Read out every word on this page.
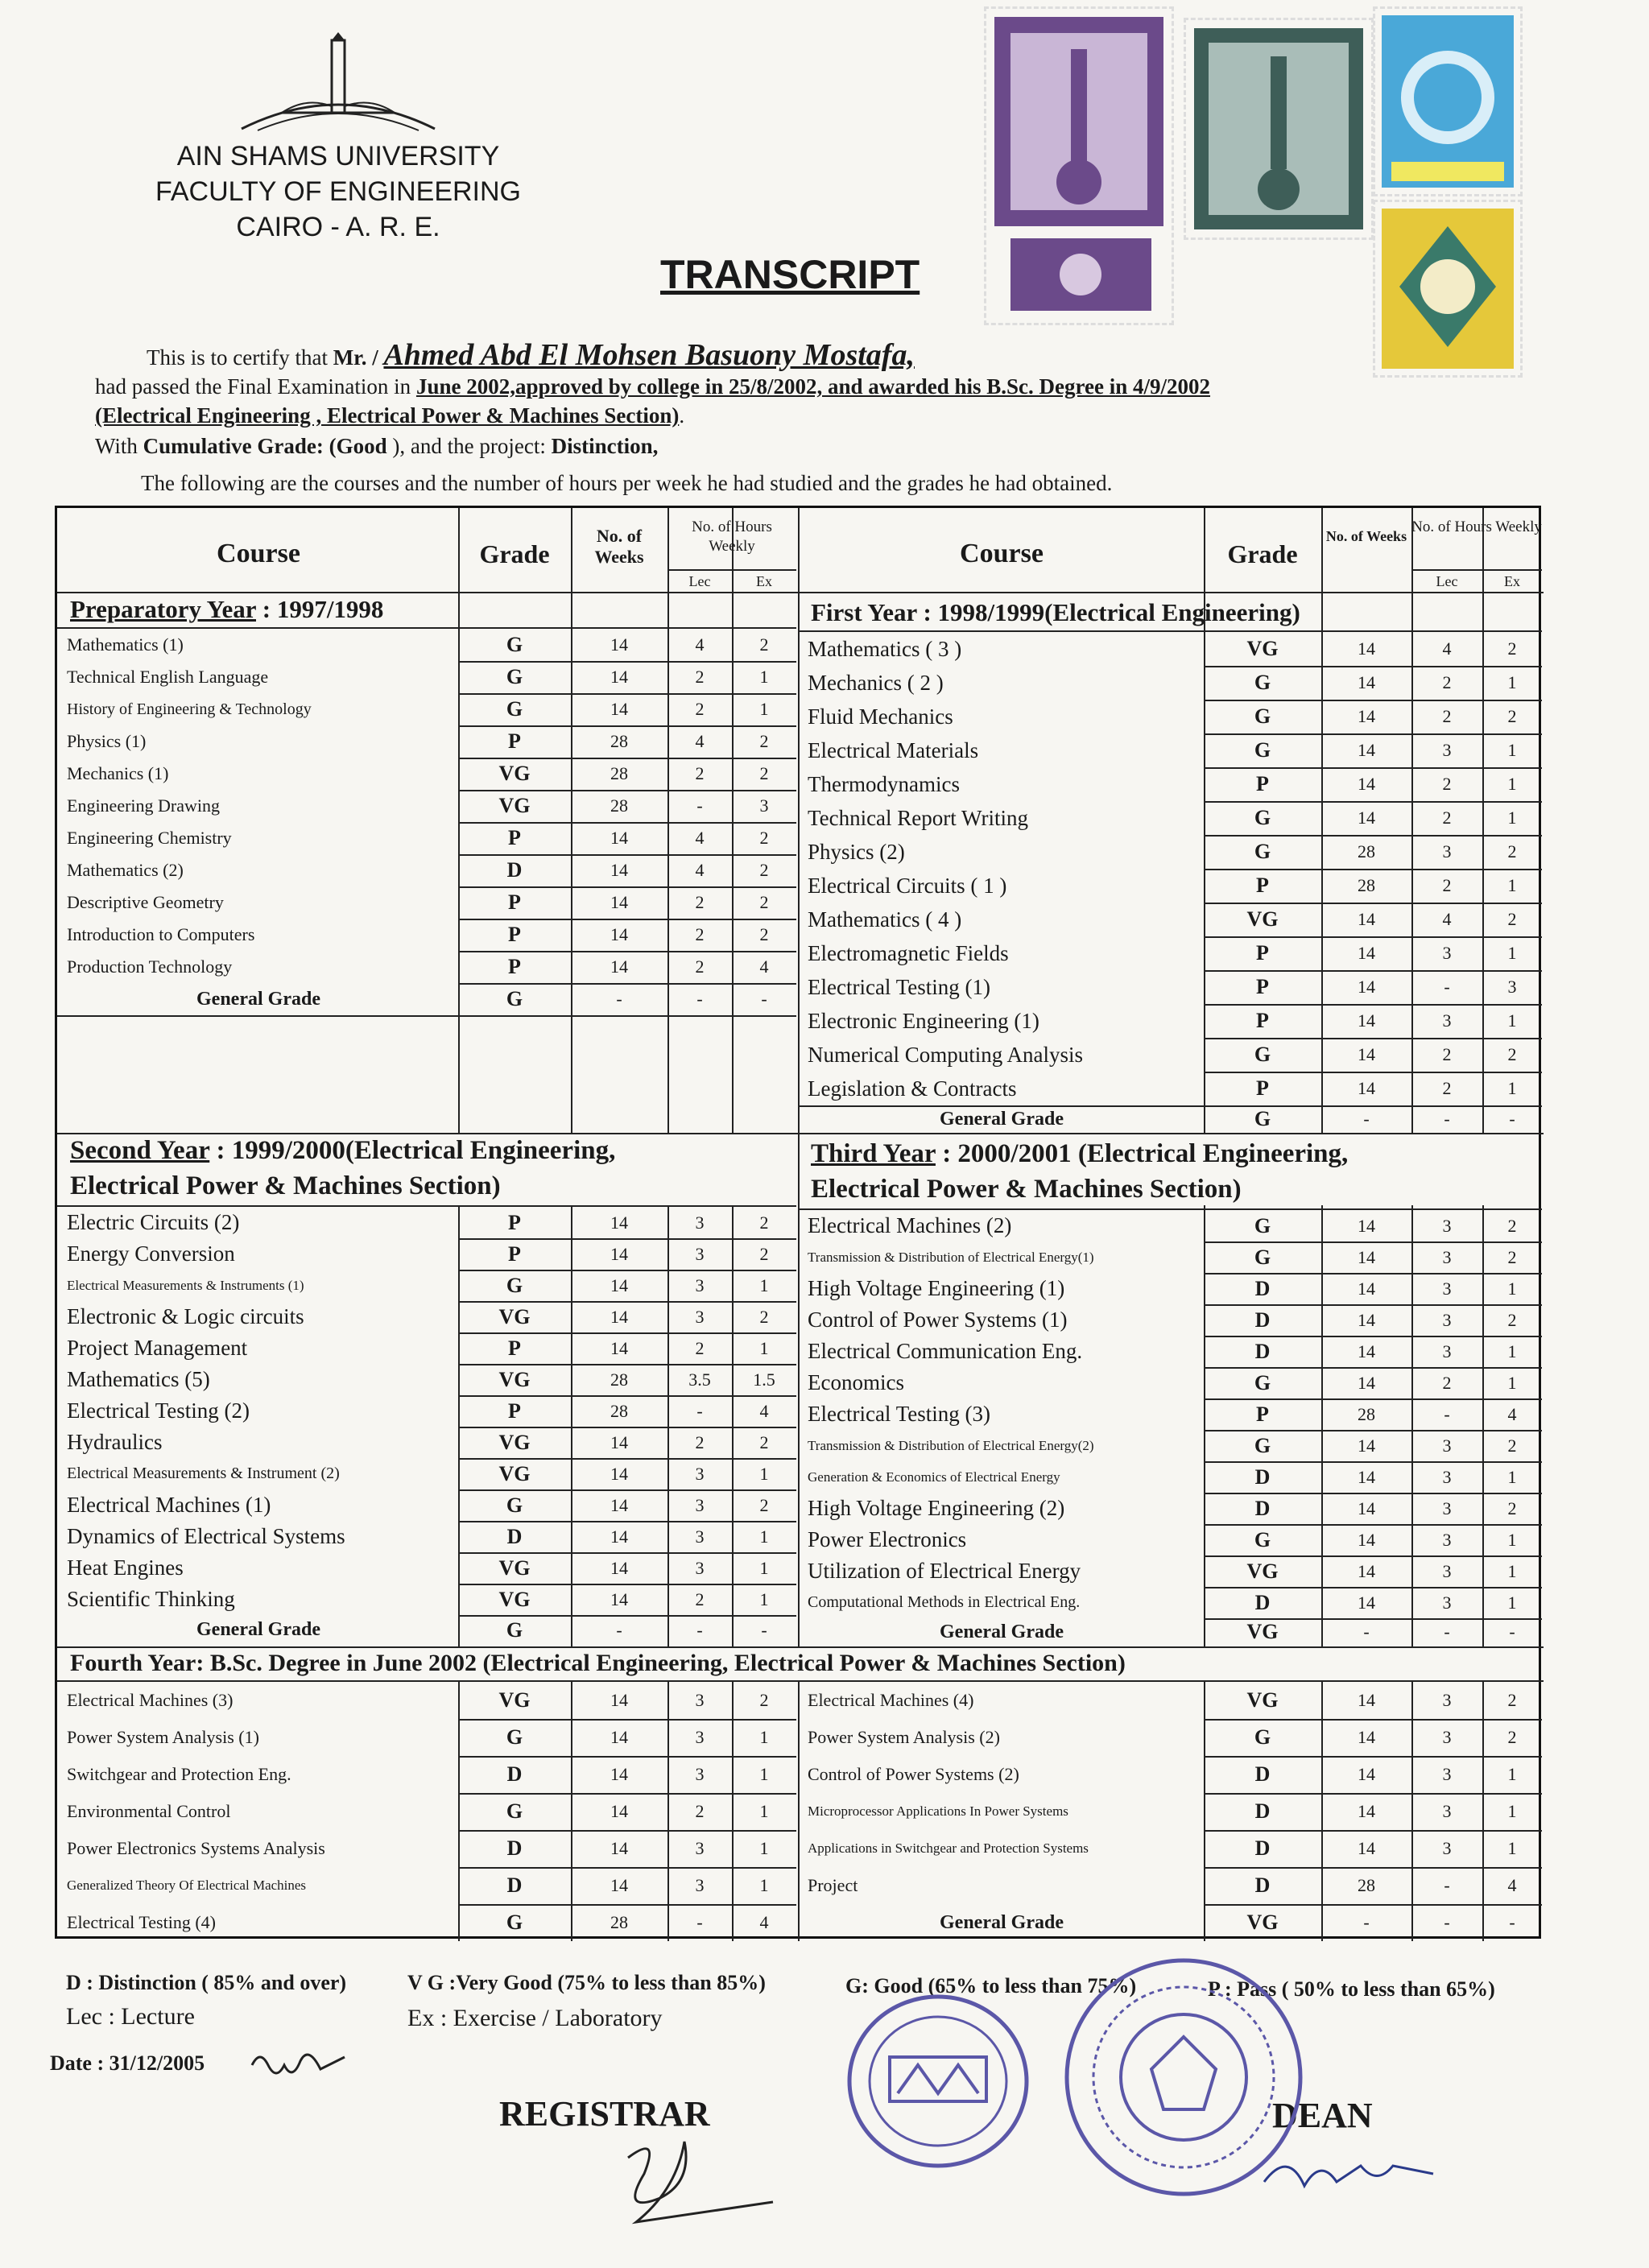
AIN SHAMS UNIVERSITY
FACULTY OF ENGINEERING
CAIRO - A. R. E.
TRANSCRIPT
This is to certify that Mr. / Ahmed Abd El Mohsen Basuony Mostafa,
had passed the Final Examination in June 2002,approved by college in 25/8/2002, and awarded his B.Sc. Degree in 4/9/2002
(Electrical Engineering , Electrical Power & Machines Section).
With Cumulative Grade: (Good ), and the project: Distinction,
The following are the courses and the number of hours per week he had studied and the grades he had obtained.
Course	Grade
No. of Weeks
No. of Hours Weekly
Lec	Ex
Course	Grade
No. of Weeks
No. of Hours Weekly
Lec	Ex
Preparatory Year : 1997/1998
Mathematics (1)	G	14	4	2
Technical English Language	G	14	2	1
History of Engineering & Technology	G	14	2	1
Physics (1)	P	28	4	2
Mechanics (1)	VG	28	2	2
Engineering Drawing	VG	28	-	3
Engineering Chemistry	P	14	4	2
Mathematics (2)	D	14	4	2
Descriptive Geometry	P	14	2	2
Introduction to Computers	P	14	2	2
Production Technology	P	14	2	4
General Grade	G	-	-	-
First Year : 1998/1999(Electrical Engineering)
Mathematics ( 3 )	VG	14	4	2
Mechanics ( 2 )	G	14	2	1
Fluid Mechanics	G	14	2	2
Electrical Materials	G	14	3	1
Thermodynamics	P	14	2	1
Technical Report Writing	G	14	2	1
Physics (2)	G	28	3	2
Electrical Circuits ( 1 )	P	28	2	1
Mathematics ( 4 )	VG	14	4	2
Electromagnetic Fields	P	14	3	1
Electrical Testing (1)	P	14	-	3
Electronic Engineering (1)	P	14	3	1
Numerical Computing Analysis	G	14	2	2
Legislation & Contracts	P	14	2	1
General Grade	G	-	-	-
Second Year : 1999/2000(Electrical Engineering,
Electrical Power & Machines Section)
Electric Circuits (2)	P	14	3	2
Energy Conversion	P	14	3	2
Electrical Measurements & Instruments (1)	G	14	3	1
Electronic & Logic circuits	VG	14	3	2
Project Management	P	14	2	1
Mathematics (5)	VG	28	3.5	1.5
Electrical Testing (2)	P	28	-	4
Hydraulics	VG	14	2	2
Electrical Measurements & Instrument (2)	VG	14	3	1
Electrical Machines (1)	G	14	3	2
Dynamics of Electrical Systems	D	14	3	1
Heat Engines	VG	14	3	1
Scientific Thinking	VG	14	2	1
General Grade	G	-	-	-
Third Year : 2000/2001 (Electrical Engineering,
Electrical Power & Machines Section)
Electrical Machines (2)	G	14	3	2
Transmission & Distribution of Electrical Energy(1)	G	14	3	2
High Voltage Engineering (1)	D	14	3	1
Control of Power Systems (1)	D	14	3	2
Electrical Communication Eng.	D	14	3	1
Economics	G	14	2	1
Electrical Testing (3)	P	28	-	4
Transmission & Distribution of Electrical Energy(2)	G	14	3	2
Generation & Economics of Electrical Energy	D	14	3	1
High Voltage Engineering (2)	D	14	3	2
Power Electronics	G	14	3	1
Utilization of Electrical Energy	VG	14	3	1
Computational Methods in Electrical Eng.	D	14	3	1
General Grade	VG	-	-	-
Fourth Year: B.Sc. Degree in June 2002 (Electrical Engineering, Electrical Power & Machines Section)
Electrical Machines (3)	VG	14	3	2
Power System Analysis (1)	G	14	3	1
Switchgear and Protection Eng.	D	14	3	1
Environmental Control	G	14	2	1
Power Electronics Systems Analysis	D	14	3	1
Generalized Theory Of Electrical Machines	D	14	3	1
Electrical Testing (4)	G	28	-	4
Electrical Machines (4)	VG	14	3	2
Power System Analysis (2)	G	14	3	2
Control of Power Systems (2)	D	14	3	1
Microprocessor Applications In Power Systems	D	14	3	1
Applications in Switchgear and Protection Systems	D	14	3	1
Project	D	28	-	4
General Grade	VG	-	-	-
D : Distinction ( 85% and over)	V G :Very Good (75% to less than 85%)	G: Good (65% to less than 75%)	P : Pass ( 50% to less than 65%)
Lec : Lecture	Ex : Exercise / Laboratory
Date : 31/12/2005
REGISTRAR	DEAN
